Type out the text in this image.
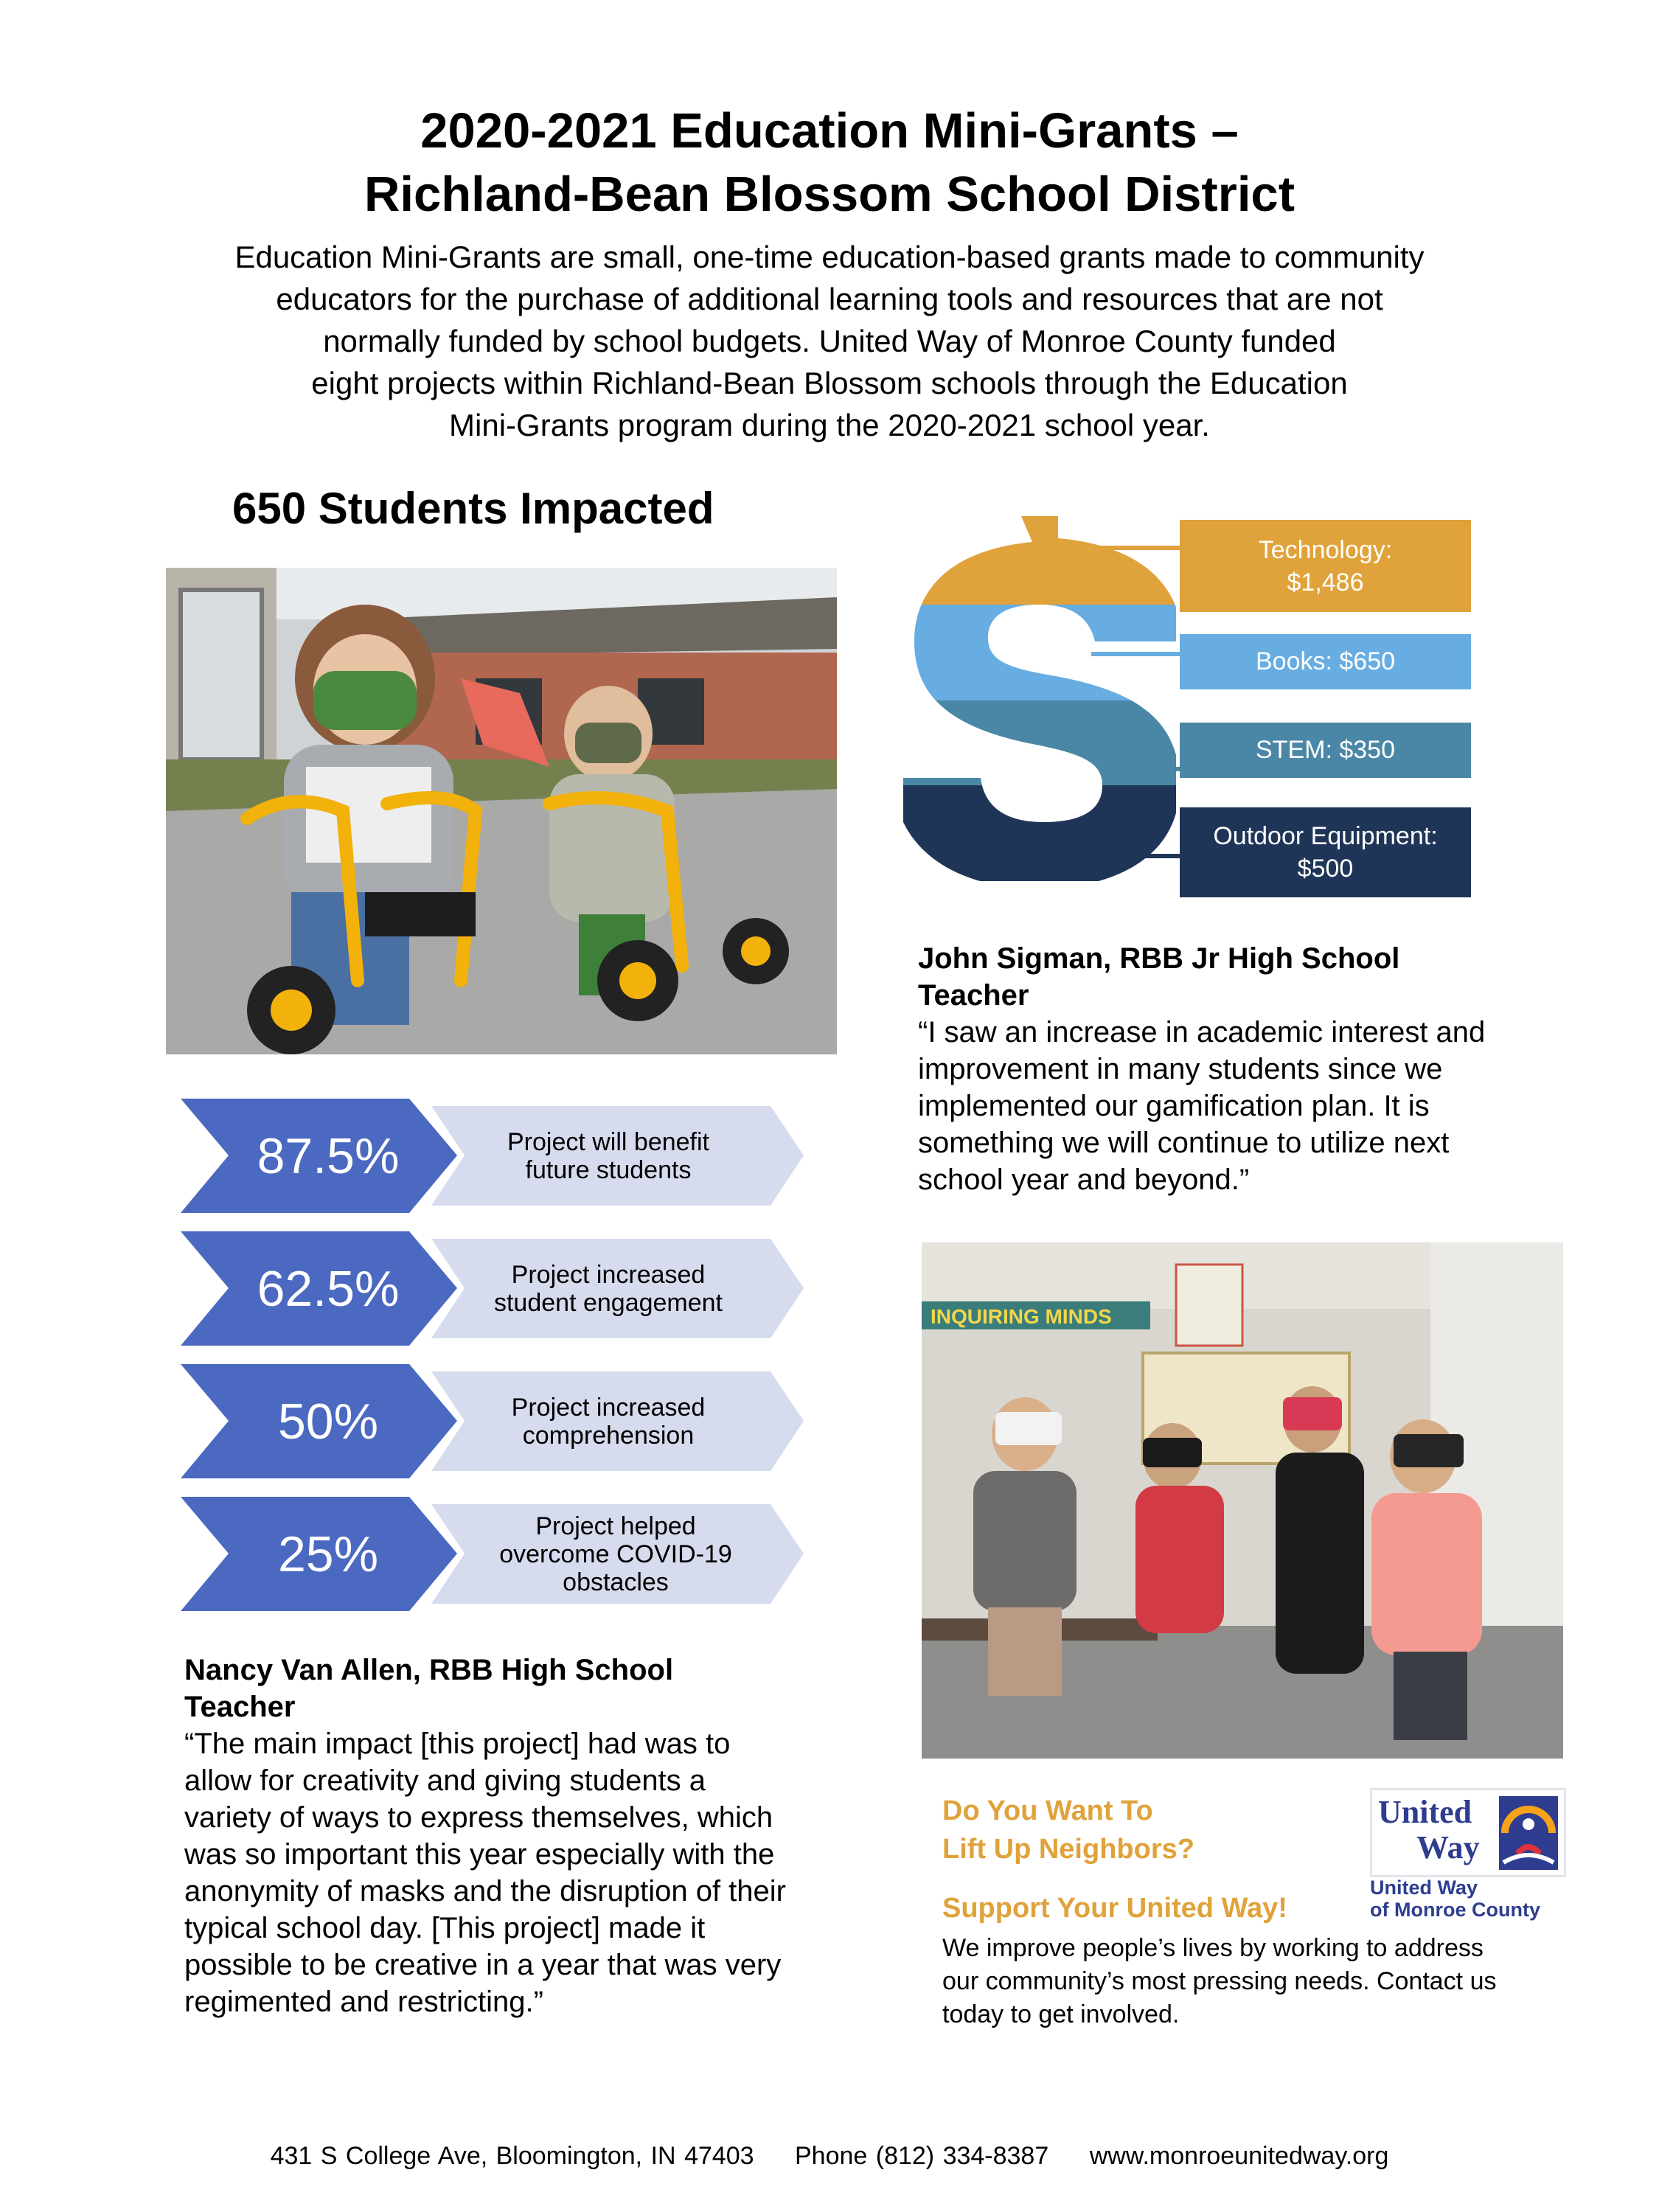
2020-2021 Education Mini-Grants –
Richland-Bean Blossom School District
Education Mini-Grants are small, one-time education-based grants made to community
educators for the purchase of additional learning tools and resources that are not
normally funded by school budgets. United Way of Monroe County funded
eight projects within Richland-Bean Blossom schools through the Education
Mini-Grants program during the 2020-2021 school year.
650 Students Impacted
Technology:
$1,486
Books: $650
STEM: $350
Outdoor Equipment:
$500
87.5%	Project will benefit
future students
62.5%	Project increased
student engagement
50%	Project increased
comprehension
25%	Project helped
overcome COVID-19
obstacles
John Sigman, RBB Jr High School
Teacher
“I saw an increase in academic interest and
improvement in many students since we
implemented our gamification plan. It is
something we will continue to utilize next
school year and beyond.”
INQUIRING MINDS
Nancy Van Allen, RBB High School
Teacher
“The main impact [this project] had was to
allow for creativity and giving students a
variety of ways to express themselves, which
was so important this year especially with the
anonymity of masks and the disruption of their
typical school day. [This project] made it
possible to be creative in a year that was very
regimented and restricting.”
Do You Want To
Lift Up Neighbors?
Support Your United Way!
United
Way
United Way
of Monroe County
We improve people’s lives by working to address
our community’s most pressing needs. Contact us
today to get involved.
431 S College Ave, Bloomington, IN 47403 Phone (812) 334-8387 www.monroeunitedway.org
